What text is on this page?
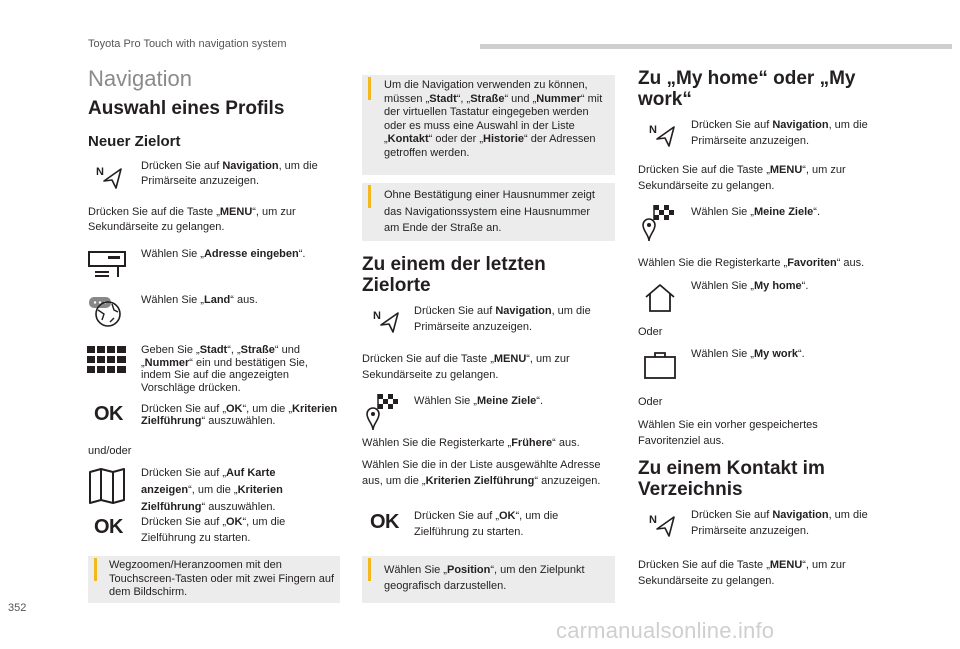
Toyota Pro Touch with navigation system
352
carmanualsonline.info
Navigation
Auswahl eines Profils
Neuer Zielort
N	Drücken Sie auf Navigation, um die Primärseite anzuzeigen.
Drücken Sie auf die Taste „MENU“, um zur Sekundärseite zu gelangen.
Wählen Sie „Adresse eingeben“.
Wählen Sie „Land“ aus.
Geben Sie „Stadt“, „Straße“ und „Nummer“ ein und bestätigen Sie, indem Sie auf die angezeigten Vorschläge drücken.
OK Drücken Sie auf „OK“, um die „Kriterien Zielführung“ auszuwählen.
und/oder
Drücken Sie auf „Auf Karte anzeigen“, um die „Kriterien Zielführung“ auszuwählen.
OK Drücken Sie auf „OK“, um die Zielführung zu starten.
Wegzoomen/Heranzoomen mit den Touchscreen-Tasten oder mit zwei Fingern auf dem Bildschirm.
Um die Navigation verwenden zu können, müssen „Stadt“, „Straße“ und „Nummer“ mit der virtuellen Tastatur eingegeben werden oder es muss eine Auswahl in der Liste „Kontakt“ oder der „Historie“ der Adressen getroffen werden.
Ohne Bestätigung einer Hausnummer zeigt das Navigationssystem eine Hausnummer am Ende der Straße an.
Zu einem der letzten Zielorte
N	Drücken Sie auf Navigation, um die Primärseite anzuzeigen.
Drücken Sie auf die Taste „MENU“, um zur Sekundärseite zu gelangen.
Wählen Sie „Meine Ziele“.
Wählen Sie die Registerkarte „Frühere“ aus.
Wählen Sie die in der Liste ausgewählte Adresse aus, um die „Kriterien Zielführung“ anzuzeigen.
OK Drücken Sie auf „OK“, um die Zielführung zu starten.
Wählen Sie „Position“, um den Zielpunkt geografisch darzustellen.
Zu „My home“ oder „My work“
N	Drücken Sie auf Navigation, um die Primärseite anzuzeigen.
Drücken Sie auf die Taste „MENU“, um zur Sekundärseite zu gelangen.
Wählen Sie „Meine Ziele“.
Wählen Sie die Registerkarte „Favoriten“ aus.
Wählen Sie „My home“.
Oder
Wählen Sie „My work“.
Oder
Wählen Sie ein vorher gespeichertes Favoritenziel aus.
Zu einem Kontakt im Verzeichnis
N	Drücken Sie auf Navigation, um die Primärseite anzuzeigen.
Drücken Sie auf die Taste „MENU“, um zur Sekundärseite zu gelangen.
